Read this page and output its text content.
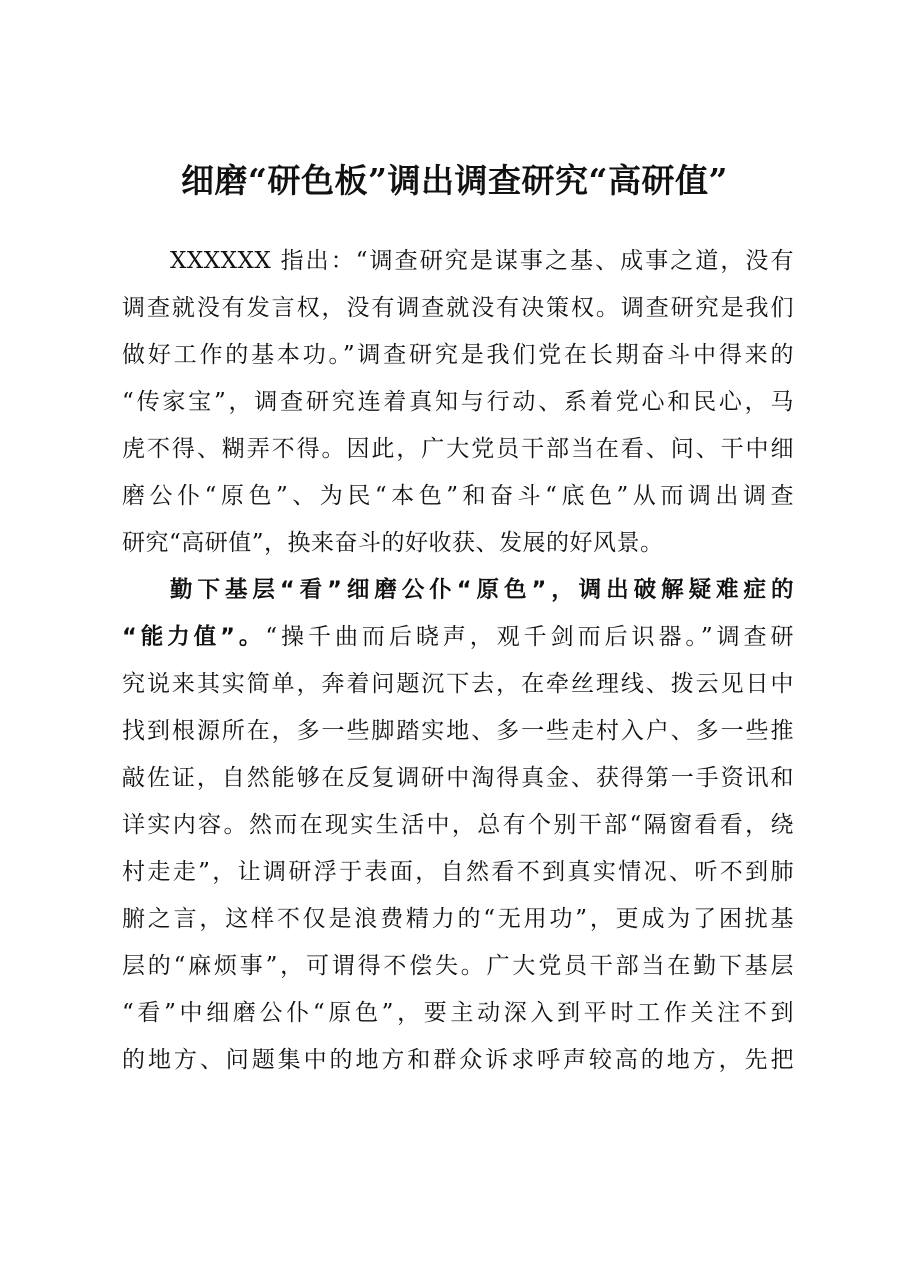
细磨“研色板”调出调查研究“高研值”
XXXXXX 指出：“调查研究是谋事之基、成事之道，没有
调查就没有发言权，没有调查就没有决策权。调查研究是我们
做好工作的基本功。”调查研究是我们党在长期奋斗中得来的
“传家宝”，调查研究连着真知与行动、系着党心和民心，马
虎不得、糊弄不得。因此，广大党员干部当在看、问、干中细
磨公仆“原色”、为民“本色”和奋斗“底色”从而调出调查
研究“高研值”，换来奋斗的好收获、发展的好风景。
勤下基层“看”细磨公仆“原色”，调出破解疑难症的
“能力值”。“操千曲而后晓声，观千剑而后识器。”调查研
究说来其实简单，奔着问题沉下去，在牵丝理线、拨云见日中
找到根源所在，多一些脚踏实地、多一些走村入户、多一些推
敲佐证，自然能够在反复调研中淘得真金、获得第一手资讯和
详实内容。然而在现实生活中，总有个别干部“隔窗看看，绕
村走走”，让调研浮于表面，自然看不到真实情况、听不到肺
腑之言，这样不仅是浪费精力的“无用功”，更成为了困扰基
层的“麻烦事”，可谓得不偿失。广大党员干部当在勤下基层
“看”中细磨公仆“原色”，要主动深入到平时工作关注不到
的地方、问题集中的地方和群众诉求呼声较高的地方，先把
